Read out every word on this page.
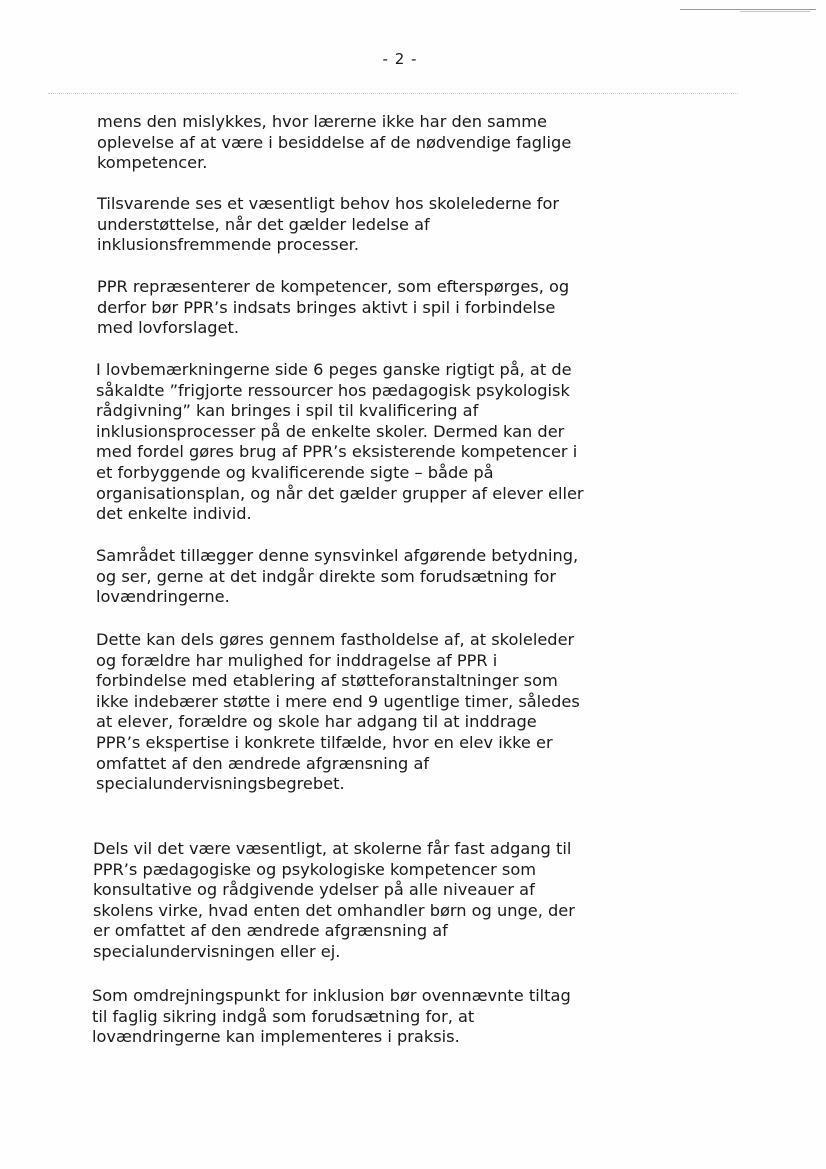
- 2 -

mens den mislykkes, hvor lærerne ikke har den samme
oplevelse af at være i besiddelse af de nødvendige faglige
kompetencer.

Tilsvarende ses et væsentligt behov hos skolelederne for
understøttelse, når det gælder ledelse af
inklusionsfremmende processer.

PPR repræsenterer de kompetencer, som efterspørges, og
derfor bør PPR’s indsats bringes aktivt i spil i forbindelse
med lovforslaget.

I lovbemærkningerne side 6 peges ganske rigtigt på, at de
såkaldte ”frigjorte ressourcer hos pædagogisk psykologisk
rådgivning” kan bringes i spil til kvalificering af
inklusionsprocesser på de enkelte skoler. Dermed kan der
med fordel gøres brug af PPR’s eksisterende kompetencer i
et forbyggende og kvalificerende sigte – både på
organisationsplan, og når det gælder grupper af elever eller
det enkelte individ.

Samrådet tillægger denne synsvinkel afgørende betydning,
og ser, gerne at det indgår direkte som forudsætning for
lovændringerne.

Dette kan dels gøres gennem fastholdelse af, at skoleleder
og forældre har mulighed for inddragelse af PPR i
forbindelse med etablering af støtteforanstaltninger som
ikke indebærer støtte i mere end 9 ugentlige timer, således
at elever, forældre og skole har adgang til at inddrage
PPR’s ekspertise i konkrete tilfælde, hvor en elev ikke er
omfattet af den ændrede afgrænsning af
specialundervisningsbegrebet.

Dels vil det være væsentligt, at skolerne får fast adgang til
PPR’s pædagogiske og psykologiske kompetencer som
konsultative og rådgivende ydelser på alle niveauer af
skolens virke, hvad enten det omhandler børn og unge, der
er omfattet af den ændrede afgrænsning af
specialundervisningen eller ej.

Som omdrejningspunkt for inklusion bør ovennævnte tiltag
til faglig sikring indgå som forudsætning for, at
lovændringerne kan implementeres i praksis.
